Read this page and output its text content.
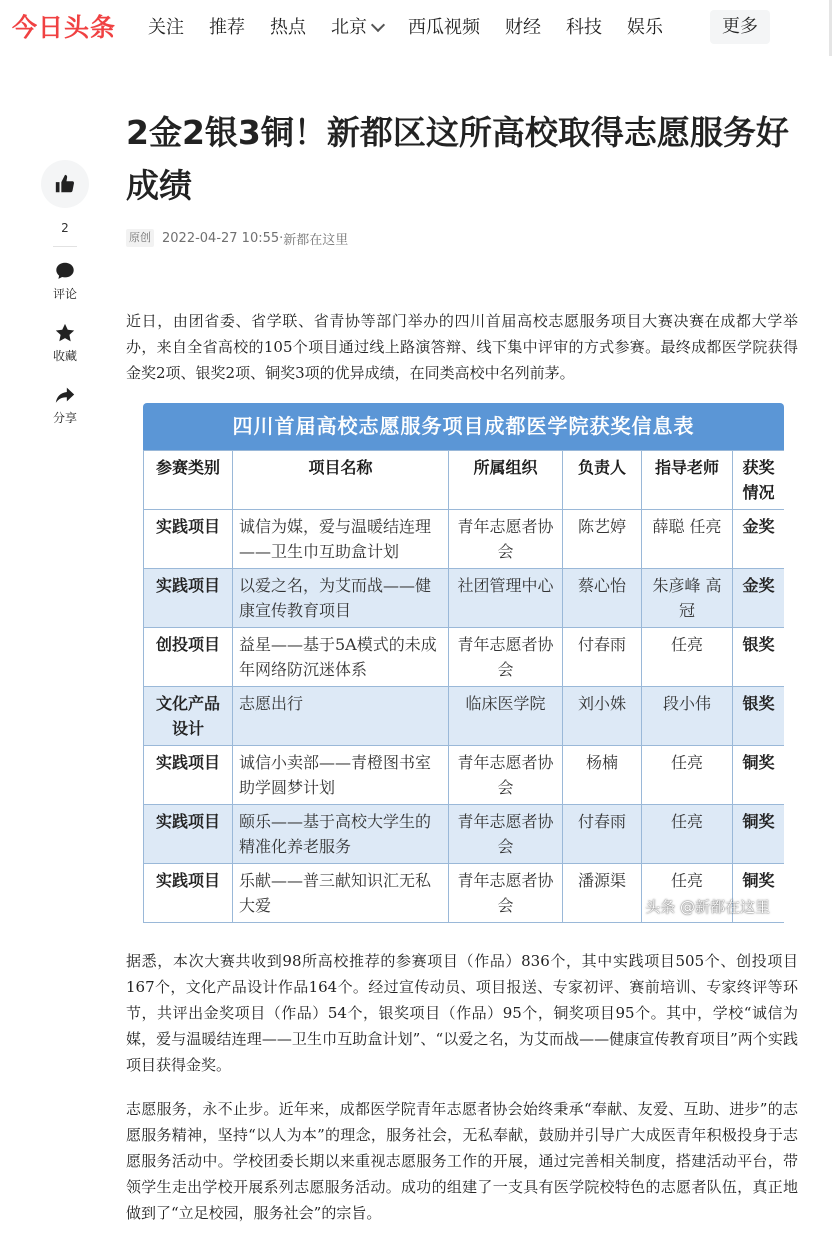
今日头条 关注 推荐 热点 北京 西瓜视频 财经 科技 娱乐	更多
2
评论
收藏
分享
2金2银3铜！新都区这所高校取得志愿服务好成绩
原创 2022-04-27 10:55 · 新都在这里

近日，由团省委、省学联、省青协等部门举办的四川首届高校志愿服务项目大赛决赛在成都大学举办，来自全省高校的105个项目通过线上路演答辩、线下集中评审的方式参赛。最终成都医学院获得金奖2项、银奖2项、铜奖3项的优异成绩，在同类高校中名列前茅。

四川首届高校志愿服务项目成都医学院获奖信息表
参赛类别	项目名称	所属组织	负责人	指导老师	获奖情况
实践项目	诚信为媒，爱与温暖结连理——卫生巾互助盒计划	青年志愿者协会	陈艺婷	薛聪 任亮	金奖
实践项目	以爱之名，为艾而战——健康宣传教育项目	社团管理中心	蔡心怡	朱彦峰 高冠	金奖
创投项目	益星——基于5A模式的未成年网络防沉迷体系	青年志愿者协会	付春雨	任亮	银奖
文化产品设计	志愿出行	临床医学院	刘小姝	段小伟	银奖
实践项目	诚信小卖部——青橙图书室助学圆梦计划	青年志愿者协会	杨楠	任亮	铜奖
实践项目	颐乐——基于高校大学生的精准化养老服务	青年志愿者协会	付春雨	任亮	铜奖
实践项目	乐献——普三献知识汇无私大爱	青年志愿者协会	潘源渠	任亮	铜奖
头条 @新都在这里

据悉，本次大赛共收到98所高校推荐的参赛项目（作品）836个，其中实践项目505个、创投项目167个，文化产品设计作品164个。经过宣传动员、项目报送、专家初评、赛前培训、专家终评等环节，共评出金奖项目（作品）54个，银奖项目（作品）95个，铜奖项目95个。其中，学校“诚信为媒，爱与温暖结连理——卫生巾互助盒计划”、“以爱之名，为艾而战——健康宣传教育项目”两个实践项目获得金奖。

志愿服务，永不止步。近年来，成都医学院青年志愿者协会始终秉承“奉献、友爱、互助、进步”的志愿服务精神，坚持“以人为本”的理念，服务社会，无私奉献，鼓励并引导广大成医青年积极投身于志愿服务活动中。学校团委长期以来重视志愿服务工作的开展，通过完善相关制度，搭建活动平台，带领学生走出学校开展系列志愿服务活动。成功的组建了一支具有医学院校特色的志愿者队伍，真正地做到了“立足校园，服务社会”的宗旨。
